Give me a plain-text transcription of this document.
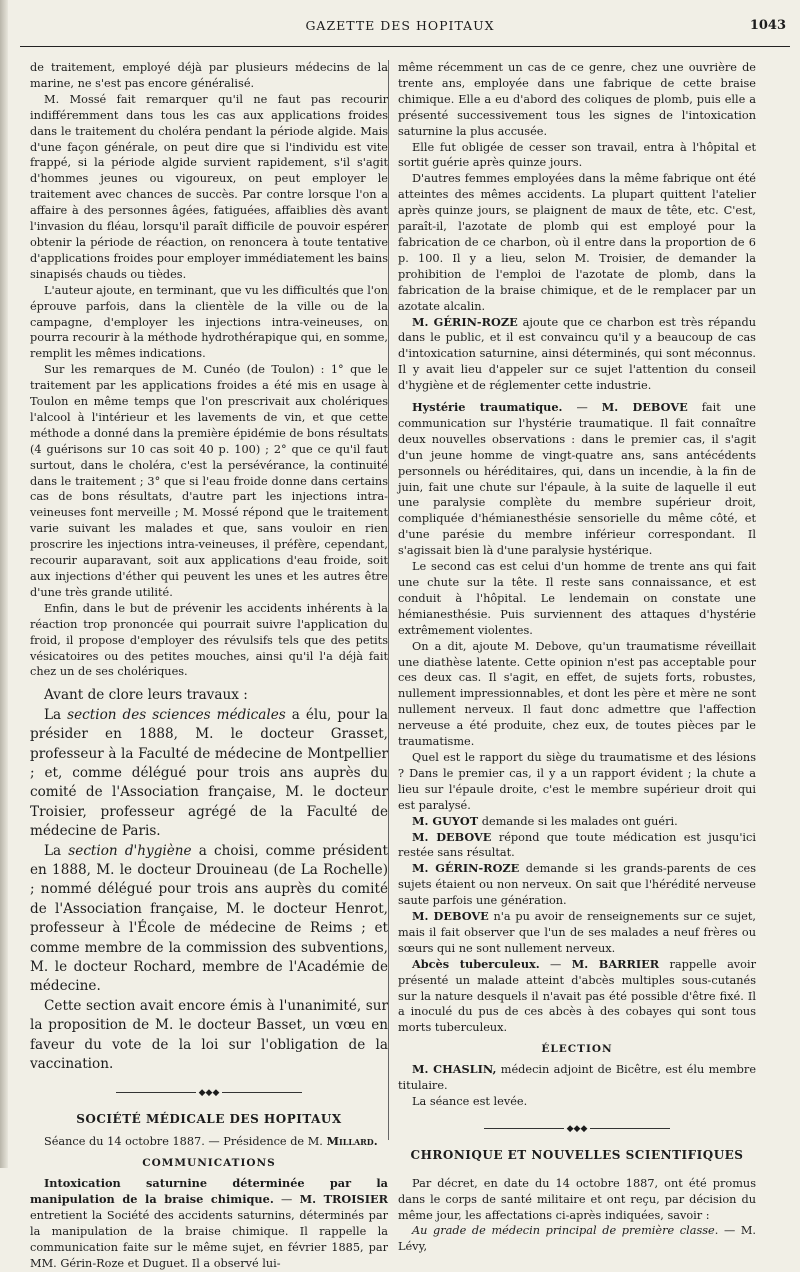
GAZETTE DES HOPITAUX	1043

de traitement, employé déjà par plusieurs médecins de la marine, ne s'est pas encore généralisé.

M. Mossé fait remarquer qu'il ne faut pas recourir indifféremment dans tous les cas aux applications froides dans le traitement du choléra pendant la période algide. Mais d'une façon générale, on peut dire que si l'individu est vite frappé, si la période algide survient rapidement, s'il s'agit d'hommes jeunes ou vigoureux, on peut employer le traitement avec chances de succès. Par contre lorsque l'on a affaire à des personnes âgées, fatiguées, affaiblies dès avant l'invasion du fléau, lorsqu'il paraît difficile de pouvoir espérer obtenir la période de réaction, on renoncera à toute tentative d'applications froides pour employer immédiatement les bains sinapisés chauds ou tièdes.

L'auteur ajoute, en terminant, que vu les difficultés que l'on éprouve parfois, dans la clientèle de la ville ou de la campagne, d'employer les injections intra-veineuses, on pourra recourir à la méthode hydrothérapique qui, en somme, remplit les mêmes indications.

Sur les remarques de M. Cunéo (de Toulon) : 1° que le traitement par les applications froides a été mis en usage à Toulon en même temps que l'on prescrivait aux cholériques l'alcool à l'intérieur et les lavements de vin, et que cette méthode a donné dans la première épidémie de bons résultats (4 guérisons sur 10 cas soit 40 p. 100) ; 2° que ce qu'il faut surtout, dans le choléra, c'est la persévérance, la continuité dans le traitement ; 3° que si l'eau froide donne dans certains cas de bons résultats, d'autre part les injections intra-veineuses font merveille ; M. Mossé répond que le traitement varie suivant les malades et que, sans vouloir en rien proscrire les injections intra-veineuses, il préfère, cependant, recourir auparavant, soit aux applications d'eau froide, soit aux injections d'éther qui peuvent les unes et les autres être d'une très grande utilité.

Enfin, dans le but de prévenir les accidents inhérents à la réaction trop prononcée qui pourrait suivre l'application du froid, il propose d'employer des révulsifs tels que des petits vésicatoires ou des petites mouches, ainsi qu'il l'a déjà fait chez un de ses cholériques.

Avant de clore leurs travaux :

La section des sciences médicales a élu, pour la présider en 1888, M. le docteur Grasset, professeur à la Faculté de médecine de Montpellier ; et, comme délégué pour trois ans auprès du comité de l'Association française, M. le docteur Troisier, professeur agrégé de la Faculté de médecine de Paris.

La section d'hygiène a choisi, comme président en 1888, M. le docteur Drouineau (de La Rochelle) ; nommé délégué pour trois ans auprès du comité de l'Association française, M. le docteur Henrot, professeur à l'École de médecine de Reims ; et comme membre de la commission des subventions, M. le docteur Rochard, membre de l'Académie de médecine.

Cette section avait encore émis à l'unanimité, sur la proposition de M. le docteur Basset, un vœu en faveur du vote de la loi sur l'obligation de la vaccination.

◆◆◆
SOCIÉTÉ MÉDICALE DES HOPITAUX

Séance du 14 octobre 1887. — Présidence de M. Millard.

COMMUNICATIONS

Intoxication saturnine déterminée par la manipulation de la braise chimique. — M. TROISIER entretient la Société des accidents saturnins, déterminés par la manipulation de la braise chimique. Il rappelle la communication faite sur le même sujet, en février 1885, par MM. Gérin-Roze et Duguet. Il a observé lui-

même récemment un cas de ce genre, chez une ouvrière de trente ans, employée dans une fabrique de cette braise chimique. Elle a eu d'abord des coliques de plomb, puis elle a présenté successivement tous les signes de l'intoxication saturnine la plus accusée.

Elle fut obligée de cesser son travail, entra à l'hôpital et sortit guérie après quinze jours.

D'autres femmes employées dans la même fabrique ont été atteintes des mêmes accidents. La plupart quittent l'atelier après quinze jours, se plaignent de maux de tête, etc. C'est, paraît-il, l'azotate de plomb qui est employé pour la fabrication de ce charbon, où il entre dans la proportion de 6 p. 100. Il y a lieu, selon M. Troisier, de demander la prohibition de l'emploi de l'azotate de plomb, dans la fabrication de la braise chimique, et de le remplacer par un azotate alcalin.

M. GÉRIN-ROZE ajoute que ce charbon est très répandu dans le public, et il est convaincu qu'il y a beaucoup de cas d'intoxication saturnine, ainsi déterminés, qui sont méconnus. Il y avait lieu d'appeler sur ce sujet l'attention du conseil d'hygiène et de réglementer cette industrie.

Hystérie traumatique. — M. DEBOVE fait une communication sur l'hystérie traumatique. Il fait connaître deux nouvelles observations : dans le premier cas, il s'agit d'un jeune homme de vingt-quatre ans, sans antécédents personnels ou héréditaires, qui, dans un incendie, à la fin de juin, fait une chute sur l'épaule, à la suite de laquelle il eut une paralysie complète du membre supérieur droit, compliquée d'hémianesthésie sensorielle du même côté, et d'une parésie du membre inférieur correspondant. Il s'agissait bien là d'une paralysie hystérique.

Le second cas est celui d'un homme de trente ans qui fait une chute sur la tête. Il reste sans connaissance, et est conduit à l'hôpital. Le lendemain on constate une hémianesthésie. Puis surviennent des attaques d'hystérie extrêmement violentes.

On a dit, ajoute M. Debove, qu'un traumatisme réveillait une diathèse latente. Cette opinion n'est pas acceptable pour ces deux cas. Il s'agit, en effet, de sujets forts, robustes, nullement impressionnables, et dont les père et mère ne sont nullement nerveux. Il faut donc admettre que l'affection nerveuse a été produite, chez eux, de toutes pièces par le traumatisme.

Quel est le rapport du siège du traumatisme et des lésions ? Dans le premier cas, il y a un rapport évident ; la chute a lieu sur l'épaule droite, c'est le membre supérieur droit qui est paralysé.

M. GUYOT demande si les malades ont guéri.

M. DEBOVE répond que toute médication est jusqu'ici restée sans résultat.

M. GÉRIN-ROZE demande si les grands-parents de ces sujets étaient ou non nerveux. On sait que l'hérédité nerveuse saute parfois une génération.

M. DEBOVE n'a pu avoir de renseignements sur ce sujet, mais il fait observer que l'un de ses malades a neuf frères ou sœurs qui ne sont nullement nerveux.

Abcès tuberculeux. — M. BARRIER rappelle avoir présenté un malade atteint d'abcès multiples sous-cutanés sur la nature desquels il n'avait pas été possible d'être fixé. Il a inoculé du pus de ces abcès à des cobayes qui sont tous morts tuberculeux.

ÉLECTION

M. CHASLIN, médecin adjoint de Bicêtre, est élu membre titulaire.

La séance est levée.

◆◆◆
CHRONIQUE ET NOUVELLES SCIENTIFIQUES

Par décret, en date du 14 octobre 1887, ont été promus dans le corps de santé militaire et ont reçu, par décision du même jour, les affectations ci-après indiquées, savoir :

Au grade de médecin principal de première classe. — M. Lévy,
